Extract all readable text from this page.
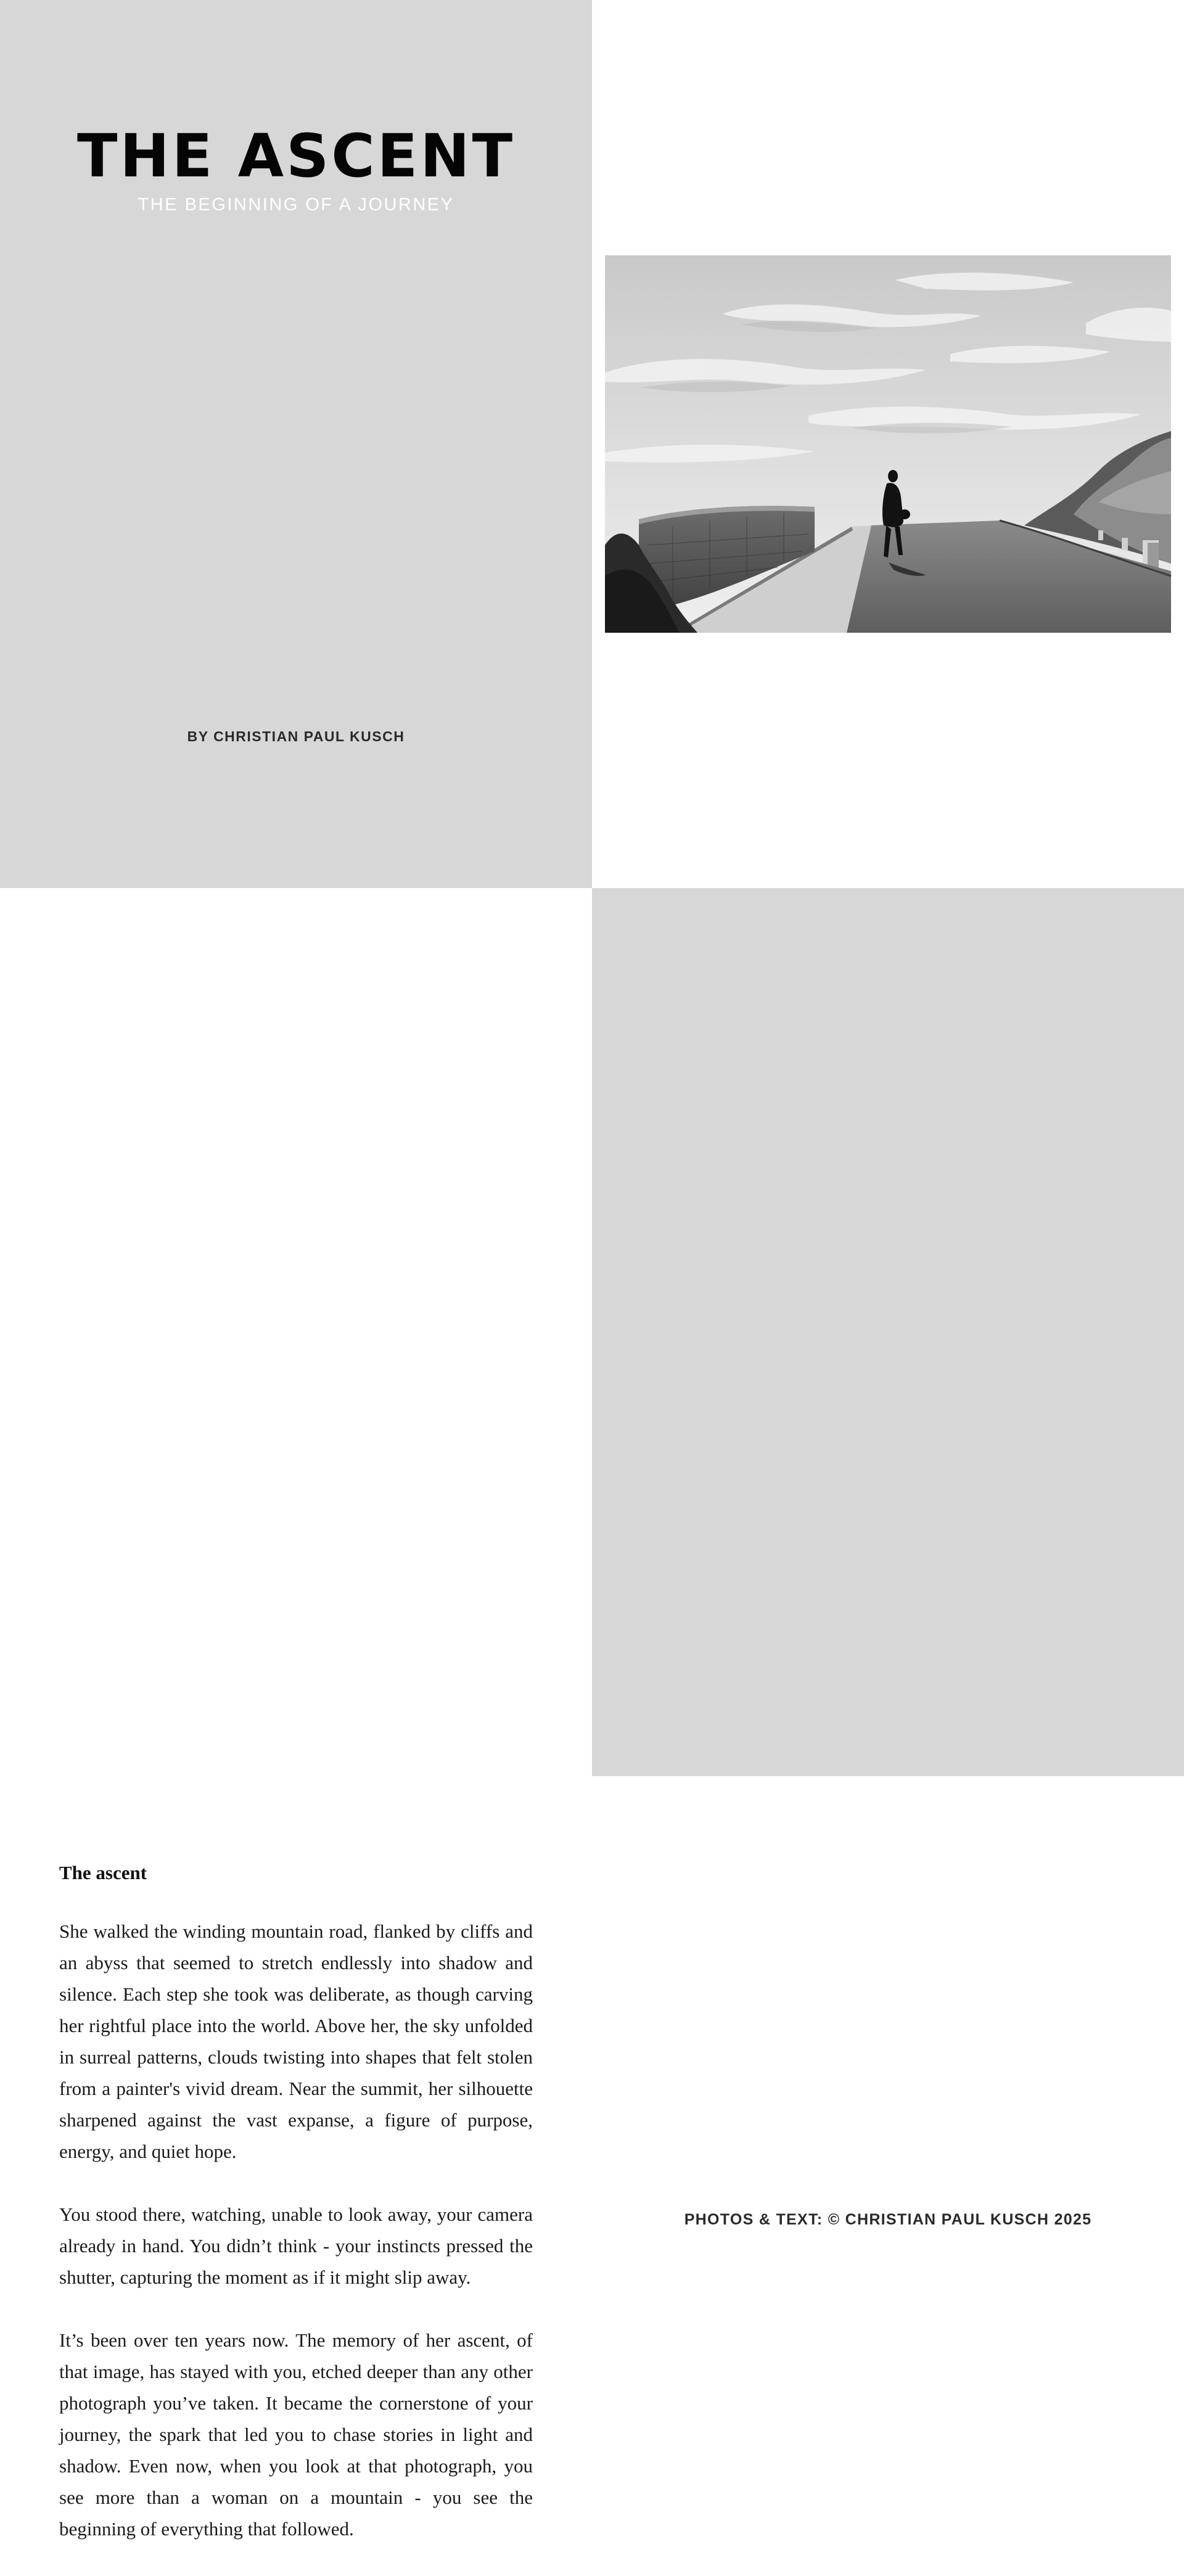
THE ASCENT
THE BEGINNING OF A JOURNEY
BY CHRISTIAN PAUL KUSCH
The ascent

She walked the winding mountain road, flanked by cliffs and an abyss that seemed to stretch endlessly into shadow and silence. Each step she took was deliberate, as though carving her rightful place into the world. Above her, the sky unfolded in surreal patterns, clouds twisting into shapes that felt stolen from a painter's vivid dream. Near the summit, her silhouette sharpened against the vast expanse, a figure of purpose, energy, and quiet hope.

You stood there, watching, unable to look away, your camera already in hand. You didn’t think - your instincts pressed the shutter, capturing the moment as if it might slip away.

It’s been over ten years now. The memory of her ascent, of that image, has stayed with you, etched deeper than any other photograph you’ve taken. It became the cornerstone of your journey, the spark that led you to chase stories in light and shadow. Even now, when you look at that photograph, you see more than a woman on a mountain - you see the beginning of everything that followed.

PHOTOS & TEXT: © CHRISTIAN PAUL KUSCH 2025
